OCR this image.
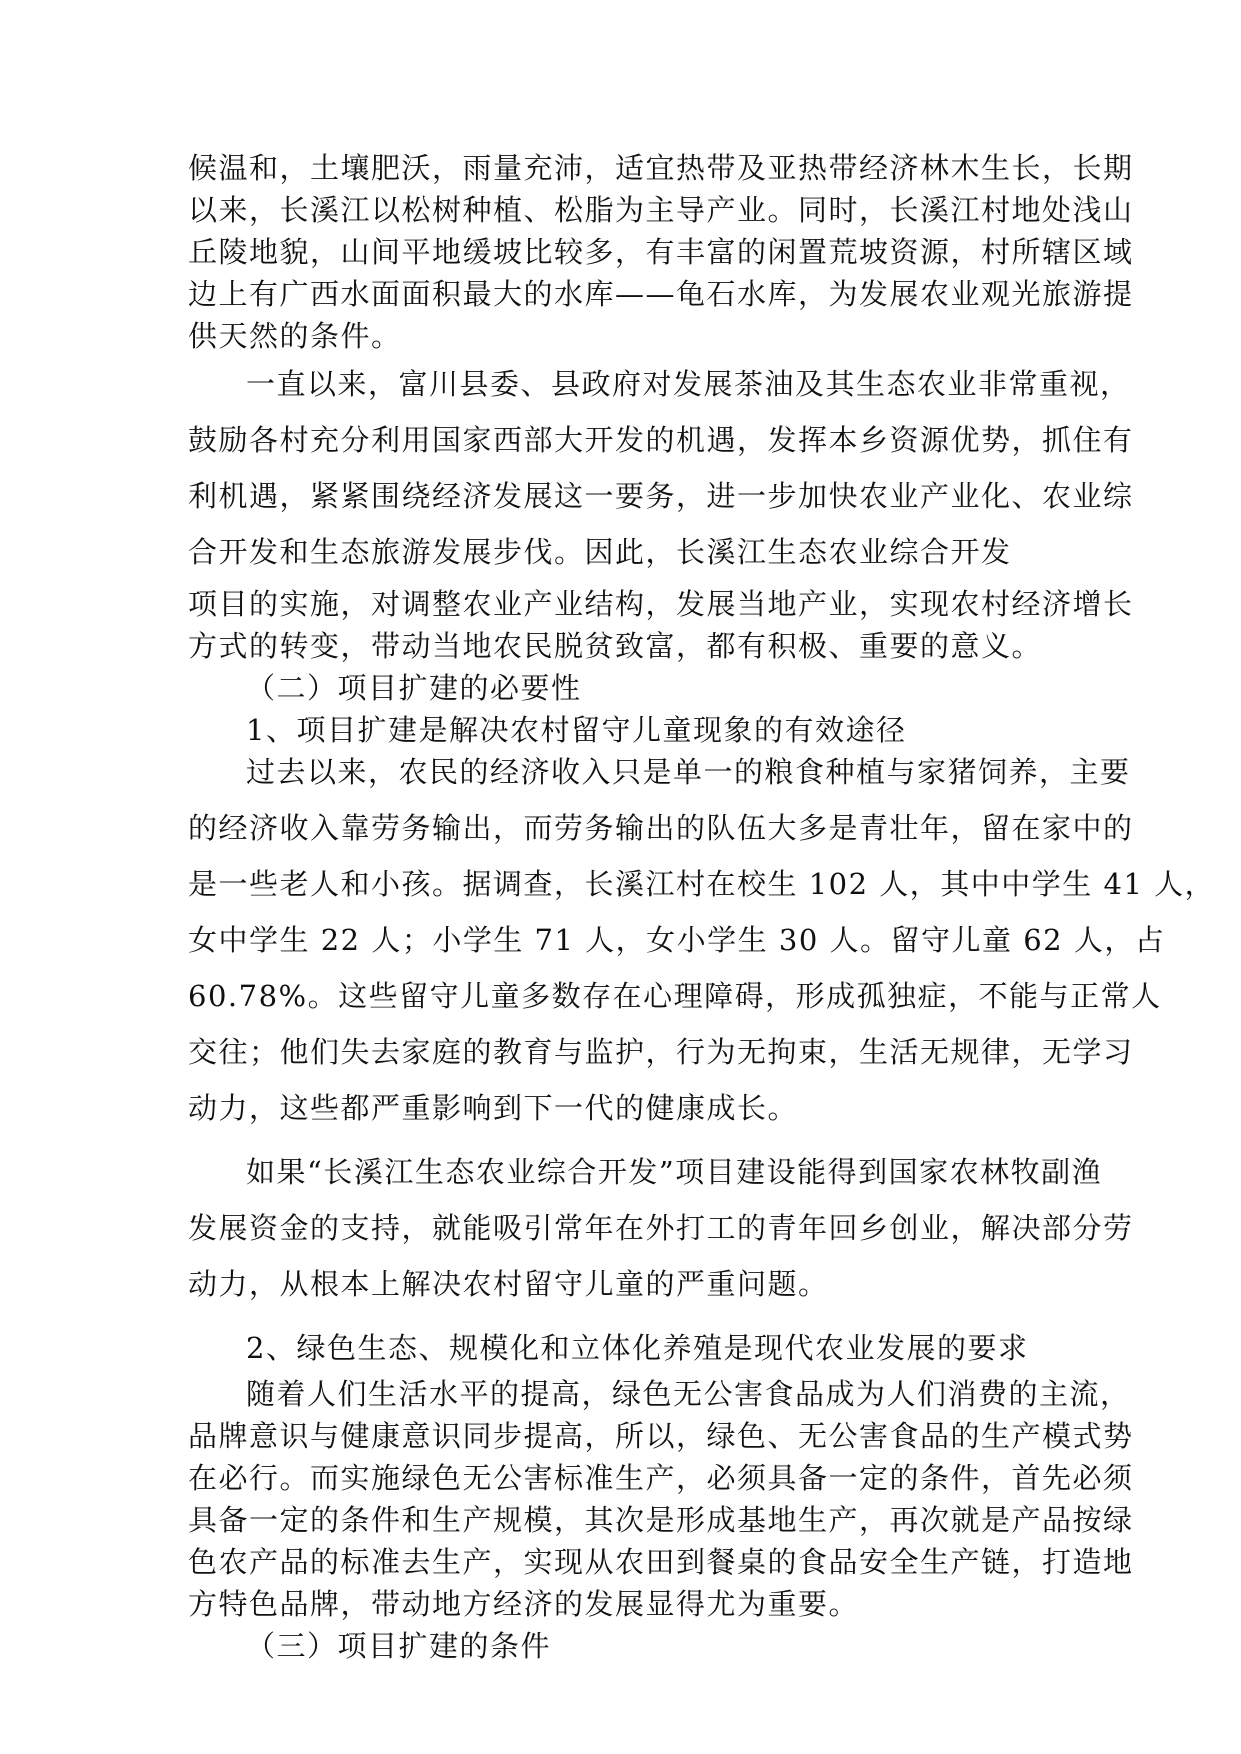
候温和，土壤肥沃，雨量充沛，适宜热带及亚热带经济林木生长，长期

以来，长溪江以松树种植、松脂为主导产业。同时，长溪江村地处浅山

丘陵地貌，山间平地缓坡比较多，有丰富的闲置荒坡资源，村所辖区域

边上有广西水面面积最大的水库——龟石水库，为发展农业观光旅游提

供天然的条件。

一直以来，富川县委、县政府对发展茶油及其生态农业非常重视，

鼓励各村充分利用国家西部大开发的机遇，发挥本乡资源优势，抓住有

利机遇，紧紧围绕经济发展这一要务，进一步加快农业产业化、农业综

合开发和生态旅游发展步伐。因此，长溪江生态农业综合开发

项目的实施，对调整农业产业结构，发展当地产业，实现农村经济增长

方式的转变，带动当地农民脱贫致富，都有积极、重要的意义。

（二）项目扩建的必要性

1、项目扩建是解决农村留守儿童现象的有效途径

过去以来，农民的经济收入只是单一的粮食种植与家猪饲养，主要

的经济收入靠劳务输出，而劳务输出的队伍大多是青壮年，留在家中的

是一些老人和小孩。据调查，长溪江村在校生 102 人，其中中学生 41 人，

女中学生 22 人；小学生 71 人，女小学生 30 人。留守儿童 62 人，占

60.78%。这些留守儿童多数存在心理障碍，形成孤独症，不能与正常人

交往；他们失去家庭的教育与监护，行为无拘束，生活无规律，无学习

动力，这些都严重影响到下一代的健康成长。

如果“长溪江生态农业综合开发”项目建设能得到国家农林牧副渔

发展资金的支持，就能吸引常年在外打工的青年回乡创业，解决部分劳

动力，从根本上解决农村留守儿童的严重问题。

2、绿色生态、规模化和立体化养殖是现代农业发展的要求

随着人们生活水平的提高，绿色无公害食品成为人们消费的主流，

品牌意识与健康意识同步提高，所以，绿色、无公害食品的生产模式势

在必行。而实施绿色无公害标准生产，必须具备一定的条件，首先必须

具备一定的条件和生产规模，其次是形成基地生产，再次就是产品按绿

色农产品的标准去生产，实现从农田到餐桌的食品安全生产链，打造地

方特色品牌，带动地方经济的发展显得尤为重要。

（三）项目扩建的条件
